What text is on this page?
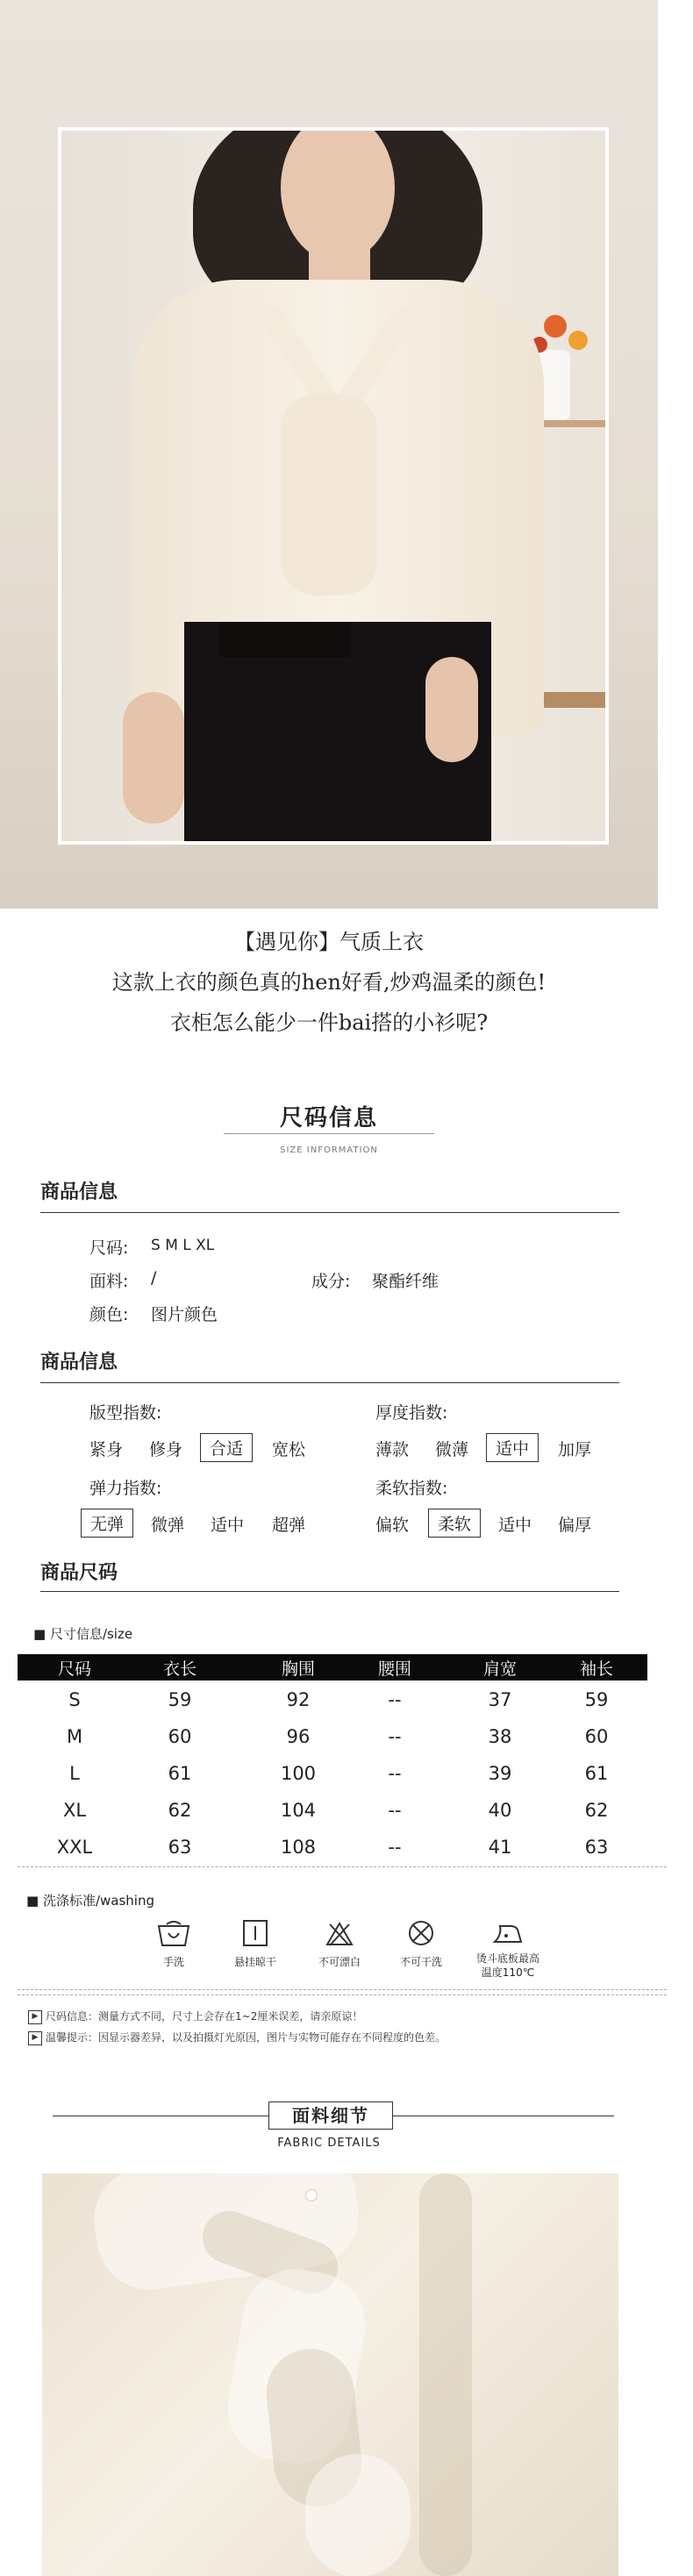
【遇见你】气质上衣
这款上衣的颜色真的hen好看,炒鸡温柔的颜色!
衣柜怎么能少一件bai搭的小衫呢?
尺码信息
SIZE INFORMATION
商品信息
尺码: S M L XL
面料: /	成分: 聚酯纤维
颜色: 图片颜色
商品信息
版型指数:
紧身 修身	合适	宽松
厚度指数:
薄款 微薄	适中	加厚
弹力指数:
无弹	微弹 适中 超弹
柔软指数:
偏软	柔软	适中 偏厚
商品尺码
■ 尺寸信息/size
尺码	衣长	胸围	腰围	肩宽	袖长
S	59	92	--	37	59
M	60	96	--	38	60
L	61	100	--	39	61
XL	62	104	--	40	62
XXL	63	108	--	41	63
■ 洗涤标准/washing
手洗	悬挂晾干	不可漂白	不可干洗	烫斗底板最高
温度110℃
▶ 尺码信息：测量方式不同，尺寸上会存在1~2厘米误差，请亲原谅！
▶ 温馨提示：因显示器差异，以及拍摄灯光原因，图片与实物可能存在不同程度的色差。
面料细节
FABRIC DETAILS
